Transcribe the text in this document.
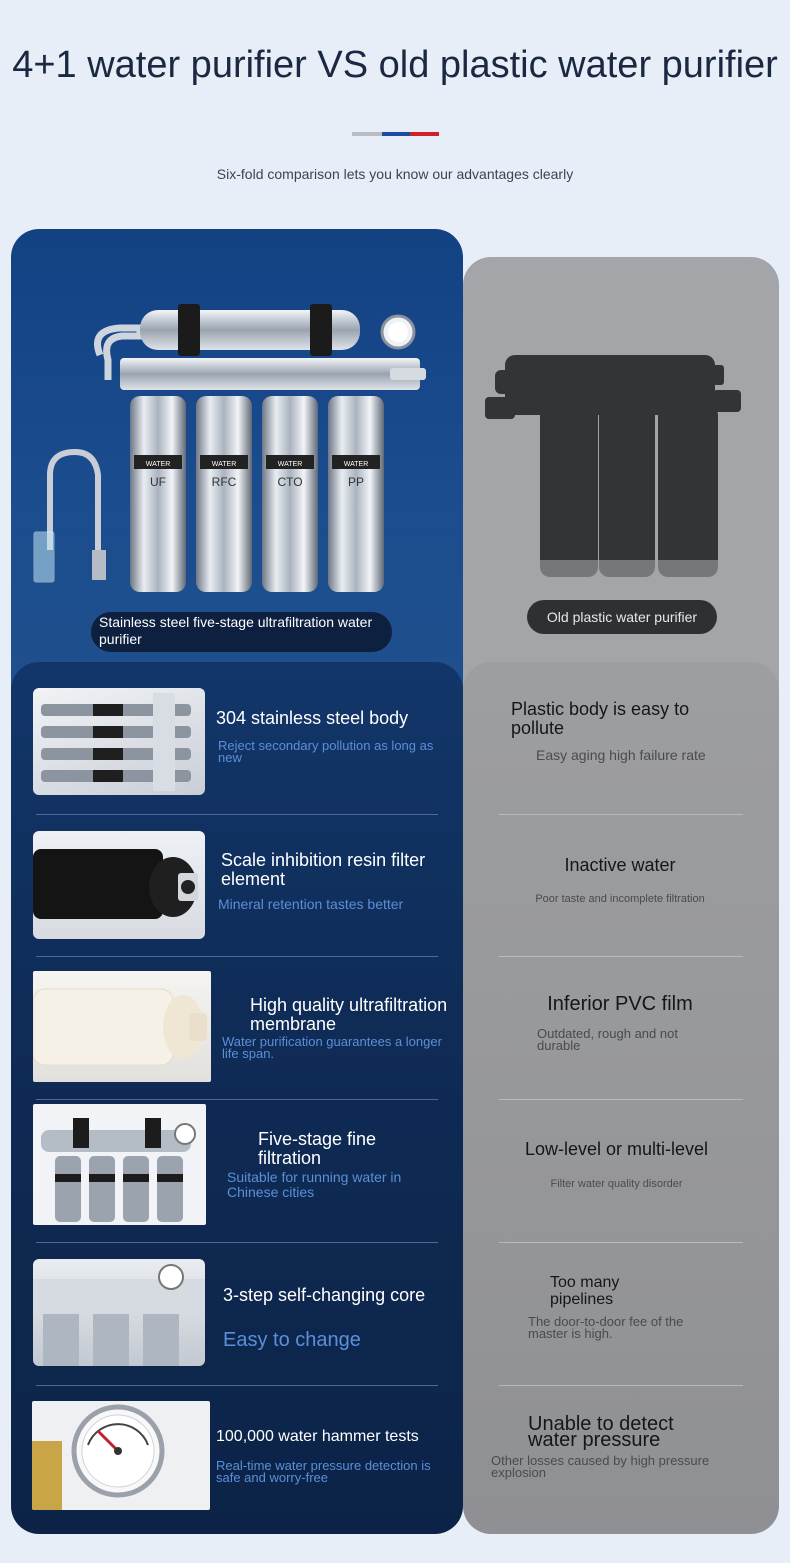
4+1 water purifier VS old plastic water purifier
Six-fold comparison lets you know our advantages clearly
WATER	WATER	WATER	WATER
UF	RFC	CTO	PP
Stainless steel five-stage ultrafiltration water purifier
Old plastic water purifier
304 stainless steel body
Reject secondary pollution as long as new
Plastic body is easy to pollute
Easy aging high failure rate
Scale inhibition resin filter element
Mineral retention tastes better
Inactive water
Poor taste and incomplete filtration
High quality ultrafiltration membrane
Water purification guarantees a longer life span.
Inferior PVC film
Outdated, rough and not durable
Five-stage fine filtration
Suitable for running water in Chinese cities
Low-level or multi-level
Filter water quality disorder
3-step self-changing core
Easy to change
Too many pipelines
The door-to-door fee of the master is high.
100,000 water hammer tests
Real-time water pressure detection is safe and worry-free
Unable to detect water pressure
Other losses caused by high pressure explosion
